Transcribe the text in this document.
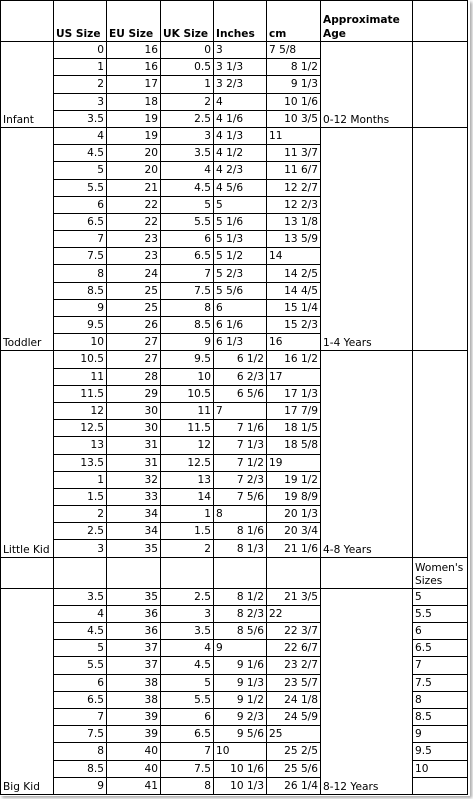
	US Size	EU Size	UK Size	Inches	cm	Approximate Age	
Infant	0	16	0	3	7 5/8	0-12 Months	
	1	16	0.5	3 1/3	8 1/2		
	2	17	1	3 2/3	9 1/3		
	3	18	2	4	10 1/6		
	3.5	19	2.5	4 1/6	10 3/5		
Toddler	4	19	3	4 1/3	11	1-4 Years	
	4.5	20	3.5	4 1/2	11 3/7		
	5	20	4	4 2/3	11 6/7		
	5.5	21	4.5	4 5/6	12 2/7		
	6	22	5	5	12 2/3		
	6.5	22	5.5	5 1/6	13 1/8		
	7	23	6	5 1/3	13 5/9		
	7.5	23	6.5	5 1/2	14		
	8	24	7	5 2/3	14 2/5		
	8.5	25	7.5	5 5/6	14 4/5		
	9	25	8	6	15 1/4		
	9.5	26	8.5	6 1/6	15 2/3		
	10	27	9	6 1/3	16		
Little Kid	10.5	27	9.5	6 1/2	16 1/2	4-8 Years	
	11	28	10	6 2/3	17		
	11.5	29	10.5	6 5/6	17 1/3		
	12	30	11	7	17 7/9		
	12.5	30	11.5	7 1/6	18 1/5		
	13	31	12	7 1/3	18 5/8		
	13.5	31	12.5	7 1/2	19		
	1	32	13	7 2/3	19 1/2		
	1.5	33	14	7 5/6	19 8/9		
	2	34	1	8	20 1/3		
	2.5	34	1.5	8 1/6	20 3/4		
	3	35	2	8 1/3	21 1/6		
							Women's Sizes
Big Kid	3.5	35	2.5	8 1/2	21 3/5	8-12 Years	5
	4	36	3	8 2/3	22		5.5
	4.5	36	3.5	8 5/6	22 3/7		6
	5	37	4	9	22 6/7		6.5
	5.5	37	4.5	9 1/6	23 2/7		7
	6	38	5	9 1/3	23 5/7		7.5
	6.5	38	5.5	9 1/2	24 1/8		8
	7	39	6	9 2/3	24 5/9		8.5
	7.5	39	6.5	9 5/6	25		9
	8	40	7	10	25 2/5		9.5
	8.5	40	7.5	10 1/6	25 5/6		10
	9	41	8	10 1/3	26 1/4		
